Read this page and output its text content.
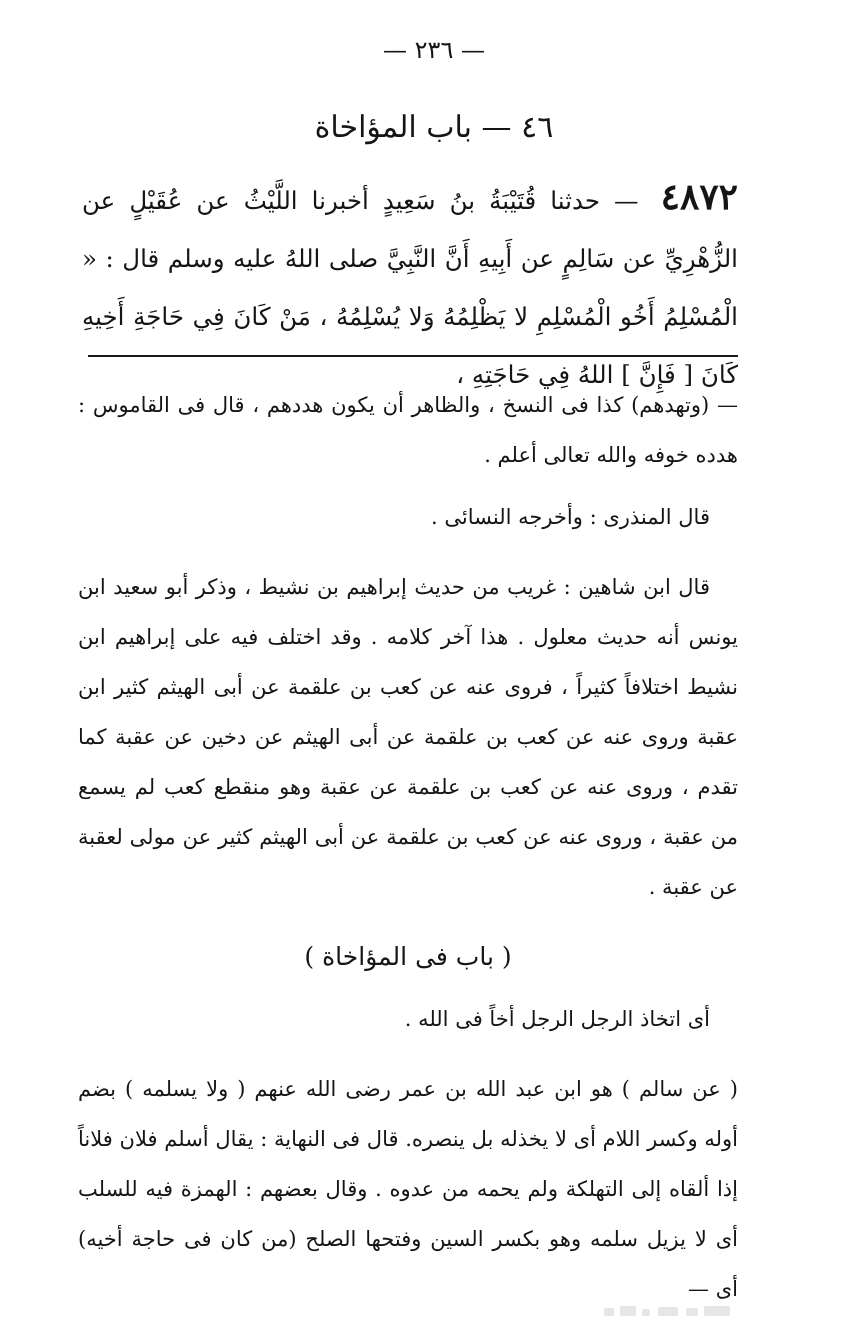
— ٢٣٦ —
٤٦ — باب المؤاخاة
٤٨٧٢ — حدثنا قُتَيْبَةُ بنُ سَعِيدٍ أخبرنا اللَّيْثُ عن عُقَيْلٍ عن الزُّهْرِيِّ عن سَالِمٍ عن أَبِيهِ أَنَّ النَّبِيَّ صلى اللهُ عليه وسلم قال : « الْمُسْلِمُ أَخُو الْمُسْلِمِ لا يَظْلِمُهُ وَلا يُسْلِمُهُ ، مَنْ كَانَ فِي حَاجَةِ أَخِيهِ كَانَ [ فَإِنَّ ] اللهُ فِي حَاجَتِهِ ،

— (وتهدهم) كذا فى النسخ ، والظاهر أن يكون هددهم ، قال فى القاموس : هدده خوفه والله تعالى أعلم .

قال المنذرى : وأخرجه النسائى .

قال ابن شاهين : غريب من حديث إبراهيم بن نشيط ، وذكر أبو سعيد ابن يونس أنه حديث معلول . هذا آخر كلامه . وقد اختلف فيه على إبراهيم ابن نشيط اختلافاً كثيراً ، فروى عنه عن كعب بن علقمة عن أبى الهيثم كثير ابن عقبة وروى عنه عن كعب بن علقمة عن أبى الهيثم عن دخين عن عقبة كما تقدم ، وروى عنه عن كعب بن علقمة عن عقبة وهو منقطع كعب لم يسمع من عقبة ، وروى عنه عن كعب بن علقمة عن أبى الهيثم كثير عن مولى لعقبة عن عقبة .

( باب فى المؤاخاة )

أى اتخاذ الرجل الرجل أخاً فى الله .

( عن سالم ) هو ابن عبد الله بن عمر رضى الله عنهم ( ولا يسلمه ) بضم أوله وكسر اللام أى لا يخذله بل ينصره. قال فى النهاية : يقال أسلم فلان فلاناً إذا ألقاه إلى التهلكة ولم يحمه من عدوه . وقال بعضهم : الهمزة فيه للسلب أى لا يزيل سلمه وهو بكسر السين وفتحها الصلح (من كان فى حاجة أخيه) أى —
